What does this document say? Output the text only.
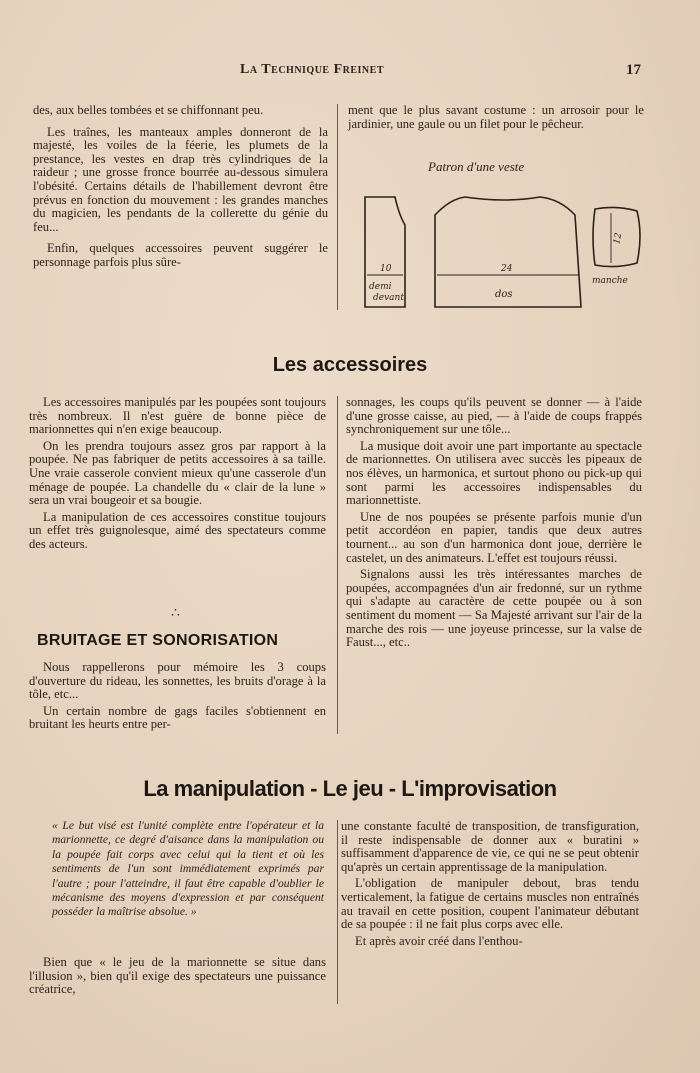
La Technique Freinet	17

des, aux belles tombées et se chiffonnant peu.

Les traînes, les manteaux amples donneront de la majesté, les voiles de la féerie, les plumets de la prestance, les vestes en drap très cylindriques de la raideur ; une grosse fronce bourrée au-dessous simulera l'obésité. Certains détails de l'habillement devront être prévus en fonction du mouvement : les grandes manches du magicien, les pendants de la collerette du génie du feu...

Enfin, quelques accessoires peuvent suggérer le personnage parfois plus sûre-

ment que le plus savant costume : un arrosoir pour le jardinier, une gaule ou un filet pour le pêcheur.

Patron d'une veste
10
demi
devant
24
dos
12
manche
Les accessoires

Les accessoires manipulés par les poupées sont toujours très nombreux. Il n'est guère de bonne pièce de marionnettes qui n'en exige beaucoup.

On les prendra toujours assez gros par rapport à la poupée. Ne pas fabriquer de petits accessoires à sa taille. Une vraie casserole convient mieux qu'une casserole d'un ménage de poupée. La chandelle du « clair de la lune » sera un vrai bougeoir et sa bougie.

La manipulation de ces accessoires constitue toujours un effet très guignolesque, aimé des spectateurs comme des acteurs.

∴
BRUITAGE ET SONORISATION

Nous rappellerons pour mémoire les 3 coups d'ouverture du rideau, les sonnettes, les bruits d'orage à la tôle, etc...

Un certain nombre de gags faciles s'obtiennent en bruitant les heurts entre per-

sonnages, les coups qu'ils peuvent se donner — à l'aide d'une grosse caisse, au pied, — à l'aide de coups frappés synchroniquement sur une tôle...

La musique doit avoir une part importante au spectacle de marionnettes. On utilisera avec succès les pipeaux de nos élèves, un harmonica, et surtout phono ou pick-up qui sont parmi les accessoires indispensables du marionnettiste.

Une de nos poupées se présente parfois munie d'un petit accordéon en papier, tandis que deux autres tournent... au son d'un harmonica dont joue, derrière le castelet, un des animateurs. L'effet est toujours réussi.

Signalons aussi les très intéressantes marches de poupées, accompagnées d'un air fredonné, sur un rythme qui s'adapte au caractère de cette poupée ou à son sentiment du moment — Sa Majesté arrivant sur l'air de la marche des rois — une joyeuse princesse, sur la valse de Faust..., etc..

La manipulation - Le jeu - L'improvisation
« Le but visé est l'unité complète entre l'opérateur et la marionnette, ce degré d'aisance dans la manipulation ou la poupée fait corps avec celui qui la tient et où les sentiments de l'un sont immédiatement exprimés par l'autre ; pour l'atteindre, il faut être capable d'oublier le mécanisme des moyens d'expression et par conséquent posséder la maîtrise absolue. »

Bien que « le jeu de la marionnette se situe dans l'illusion », bien qu'il exige des spectateurs une puissance créatrice,

une constante faculté de transposition, de transfiguration, il reste indispensable de donner aux « buratini » suffisamment d'apparence de vie, ce qui ne se peut obtenir qu'après un certain apprentissage de la manipulation.

L'obligation de manipuler debout, bras tendu verticalement, la fatigue de certains muscles non entraînés au travail en cette position, coupent l'animateur débutant de sa poupée : il ne fait plus corps avec elle.

Et après avoir créé dans l'enthou-
